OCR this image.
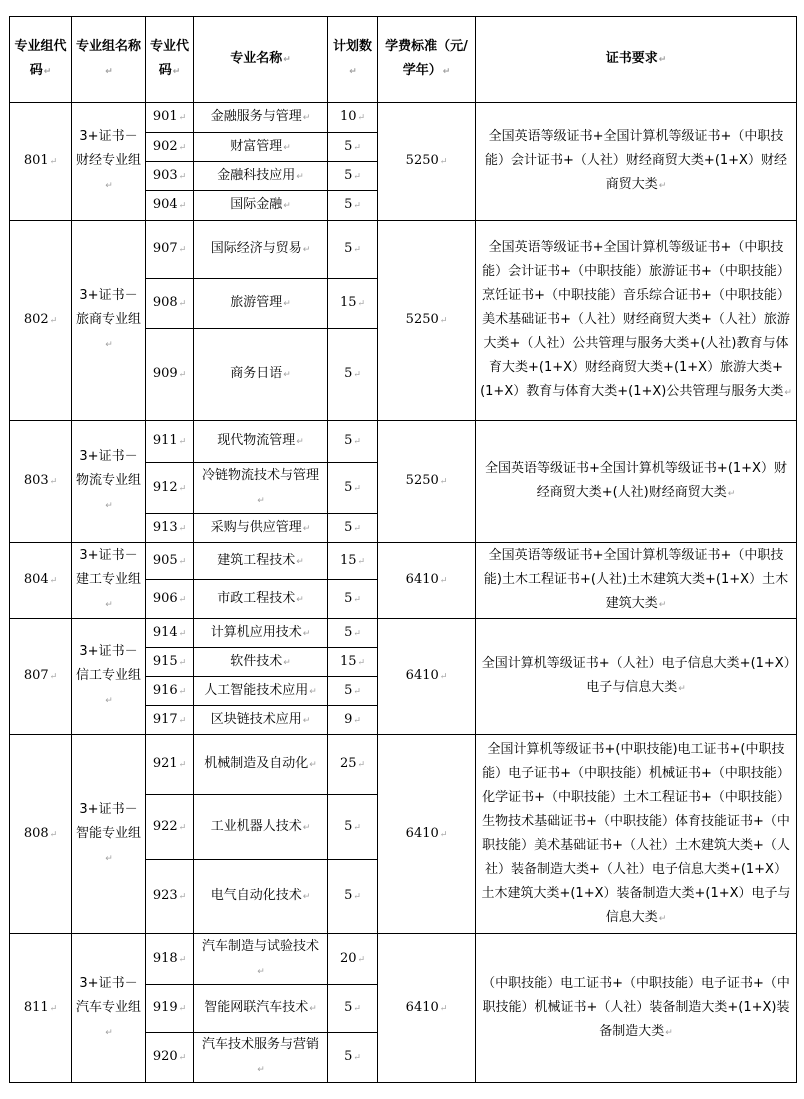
专业组代码 ↵	专业组名称 ↵	专业代码 ↵	专业名称 ↵	计划数 ↵	学费标准（元/学年） ↵	证书要求 ↵
801 ↵	3+证书－财经专业组 ↵	901 ↵	金融服务与管理 ↵	10 ↵	5250 ↵	全国英语等级证书+全国计算机等级证书+（中职技能）会计证书+（人社）财经商贸大类+(1+X）财经商贸大类 ↵
		902 ↵	财富管理 ↵	5 ↵
		903 ↵	金融科技应用 ↵	5 ↵
		904 ↵	国际金融 ↵	5 ↵
802 ↵	3+证书－旅商专业组 ↵	907 ↵	国际经济与贸易 ↵	5 ↵	5250 ↵	全国英语等级证书+全国计算机等级证书+（中职技能）会计证书+（中职技能）旅游证书+（中职技能）烹饪证书+（中职技能）音乐综合证书+（中职技能）美术基础证书+（人社）财经商贸大类+（人社）旅游大类+（人社）公共管理与服务大类+(人社)教育与体育大类+(1+X）财经商贸大类+(1+X）旅游大类+(1+X）教育与体育大类+(1+X)公共管理与服务大类 ↵
		908 ↵	旅游管理 ↵	15 ↵
		909 ↵	商务日语 ↵	5 ↵
803 ↵	3+证书－物流专业组 ↵	911 ↵	现代物流管理 ↵	5 ↵	5250 ↵	全国英语等级证书+全国计算机等级证书+(1+X）财经商贸大类+(人社)财经商贸大类 ↵
		912 ↵	冷链物流技术与管理 ↵	5 ↵
		913 ↵	采购与供应管理 ↵	5 ↵
804 ↵	3+证书－建工专业组 ↵	905 ↵	建筑工程技术 ↵	15 ↵	6410 ↵	全国英语等级证书+全国计算机等级证书+（中职技能)土木工程证书+(人社)土木建筑大类+(1+X）土木建筑大类 ↵
		906 ↵	市政工程技术 ↵	5 ↵
807 ↵	3+证书－信工专业组 ↵	914 ↵	计算机应用技术 ↵	5 ↵	6410 ↵	全国计算机等级证书+（人社）电子信息大类+(1+X）电子与信息大类 ↵
		915 ↵	软件技术 ↵	15 ↵
		916 ↵	人工智能技术应用 ↵	5 ↵
		917 ↵	区块链技术应用 ↵	9 ↵
808 ↵	3+证书－智能专业组 ↵	921 ↵	机械制造及自动化 ↵	25 ↵	6410 ↵	全国计算机等级证书+(中职技能)电工证书+(中职技能）电子证书+（中职技能）机械证书+（中职技能）化学证书+（中职技能）土木工程证书+（中职技能）生物技术基础证书+（中职技能）体育技能证书+（中职技能）美术基础证书+（人社）土木建筑大类+（人社）装备制造大类+（人社）电子信息大类+(1+X）土木建筑大类+(1+X）装备制造大类+(1+X）电子与信息大类 ↵
		922 ↵	工业机器人技术 ↵	5 ↵
		923 ↵	电气自动化技术 ↵	5 ↵
811 ↵	3+证书－汽车专业组 ↵	918 ↵	汽车制造与试验技术 ↵	20 ↵	6410 ↵	（中职技能）电工证书+（中职技能）电子证书+（中职技能）机械证书+（人社）装备制造大类+(1+X)装备制造大类 ↵
		919 ↵	智能网联汽车技术 ↵	5 ↵
		920 ↵	汽车技术服务与营销 ↵	5 ↵
